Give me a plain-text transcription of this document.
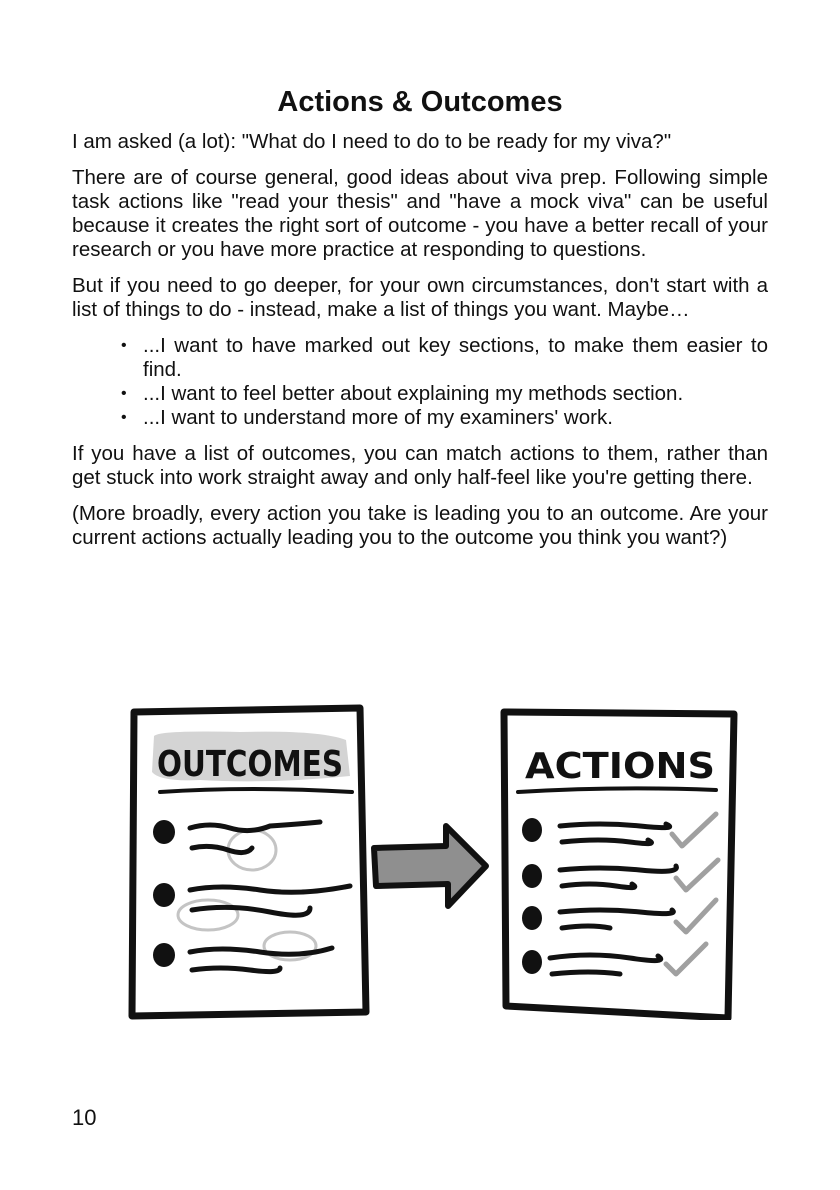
Actions & Outcomes

I am asked (a lot): "What do I need to do to be ready for my viva?"

There are of course general, good ideas about viva prep. Following simple task actions like "read your thesis" and "have a mock viva" can be useful because it creates the right sort of outcome - you have a better recall of your research or you have more practice at responding to questions.

But if you need to go deeper, for your own circumstances, don't start with a list of things to do - instead, make a list of things you want. Maybe…

• ...I want to have marked out key sections, to make them easier to find.
• ...I want to feel better about explaining my methods section.
• ...I want to understand more of my examiners' work.

If you have a list of outcomes, you can match actions to them, rather than get stuck into work straight away and only half-feel like you're getting there.

(More broadly, every action you take is leading you to an outcome. Are your current actions actually leading you to the outcome you think you want?)

OUTCOMES	ACTIONS
10
